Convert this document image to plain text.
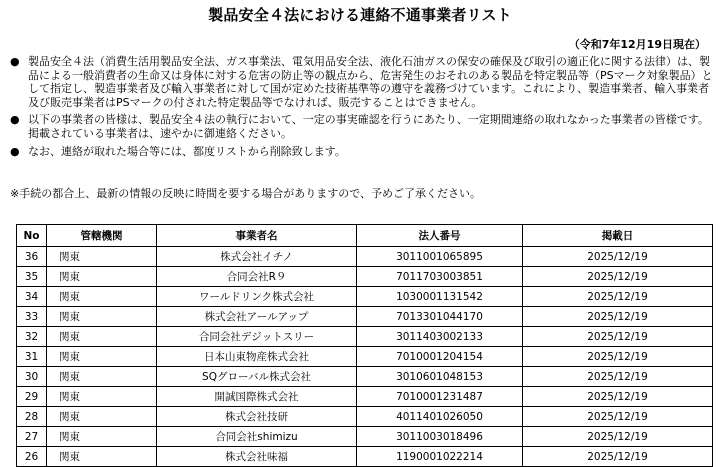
製品安全４法における連絡不通事業者リスト
（令和7年12月19日現在）
● 製品安全４法（消費生活用製品安全法、ガス事業法、電気用品安全法、液化石油ガスの保安の確保及び取引の適正化に関する法律）は、製品による一般消費者の生命又は身体に対する危害の防止等の観点から、危害発生のおそれのある製品を特定製品等（PSマーク対象製品）として指定し、製造事業者及び輸入事業者に対して国が定めた技術基準等の遵守を義務づけています。これにより、製造事業者、輸入事業者及び販売事業者はPSマークの付された特定製品等でなければ、販売することはできません。
● 以下の事業者の皆様は、製品安全４法の執行において、一定の事実確認を行うにあたり、一定期間連絡の取れなかった事業者の皆様です。掲載されている事業者は、速やかに御連絡ください。
● なお、連絡が取れた場合等には、都度リストから削除致します。
※手続の都合上、最新の情報の反映に時間を要する場合がありますので、予めご了承ください。
No	管轄機関	事業者名	法人番号	掲載日
36	関東	株式会社イチノ	3011001065895	2025/12/19
35	関東	合同会社R９	7011703003851	2025/12/19
34	関東	ワールドリンク株式会社	1030001131542	2025/12/19
33	関東	株式会社アールアップ	7013301044170	2025/12/19
32	関東	合同会社デジットスリー	3011403002133	2025/12/19
31	関東	日本山東物産株式会社	7010001204154	2025/12/19
30	関東	SQグローバル株式会社	3010601048153	2025/12/19
29	関東	開誠国際株式会社	7010001231487	2025/12/19
28	関東	株式会社技研	4011401026050	2025/12/19
27	関東	合同会社shimizu	3011003018496	2025/12/19
26	関東	株式会社味福	1190001022214	2025/12/19
